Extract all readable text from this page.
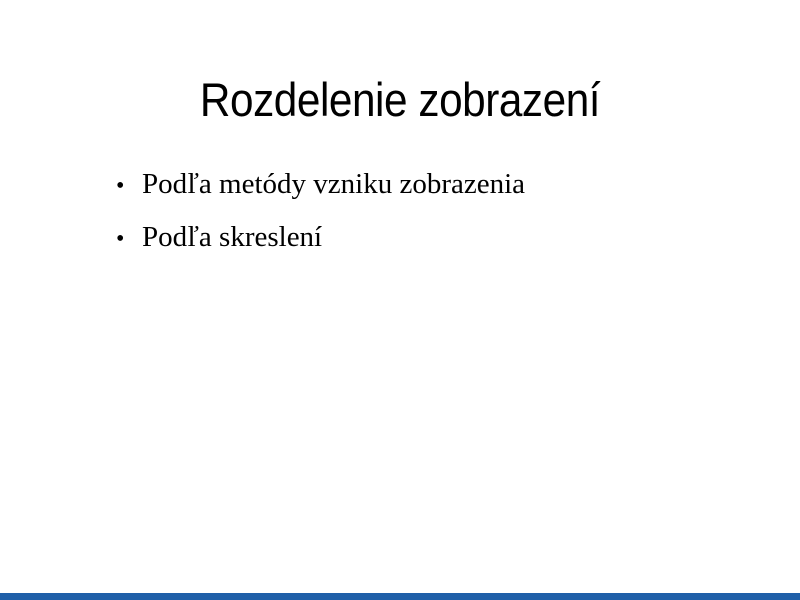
Rozdelenie zobrazení
• Podľa metódy vzniku zobrazenia
• Podľa skreslení
